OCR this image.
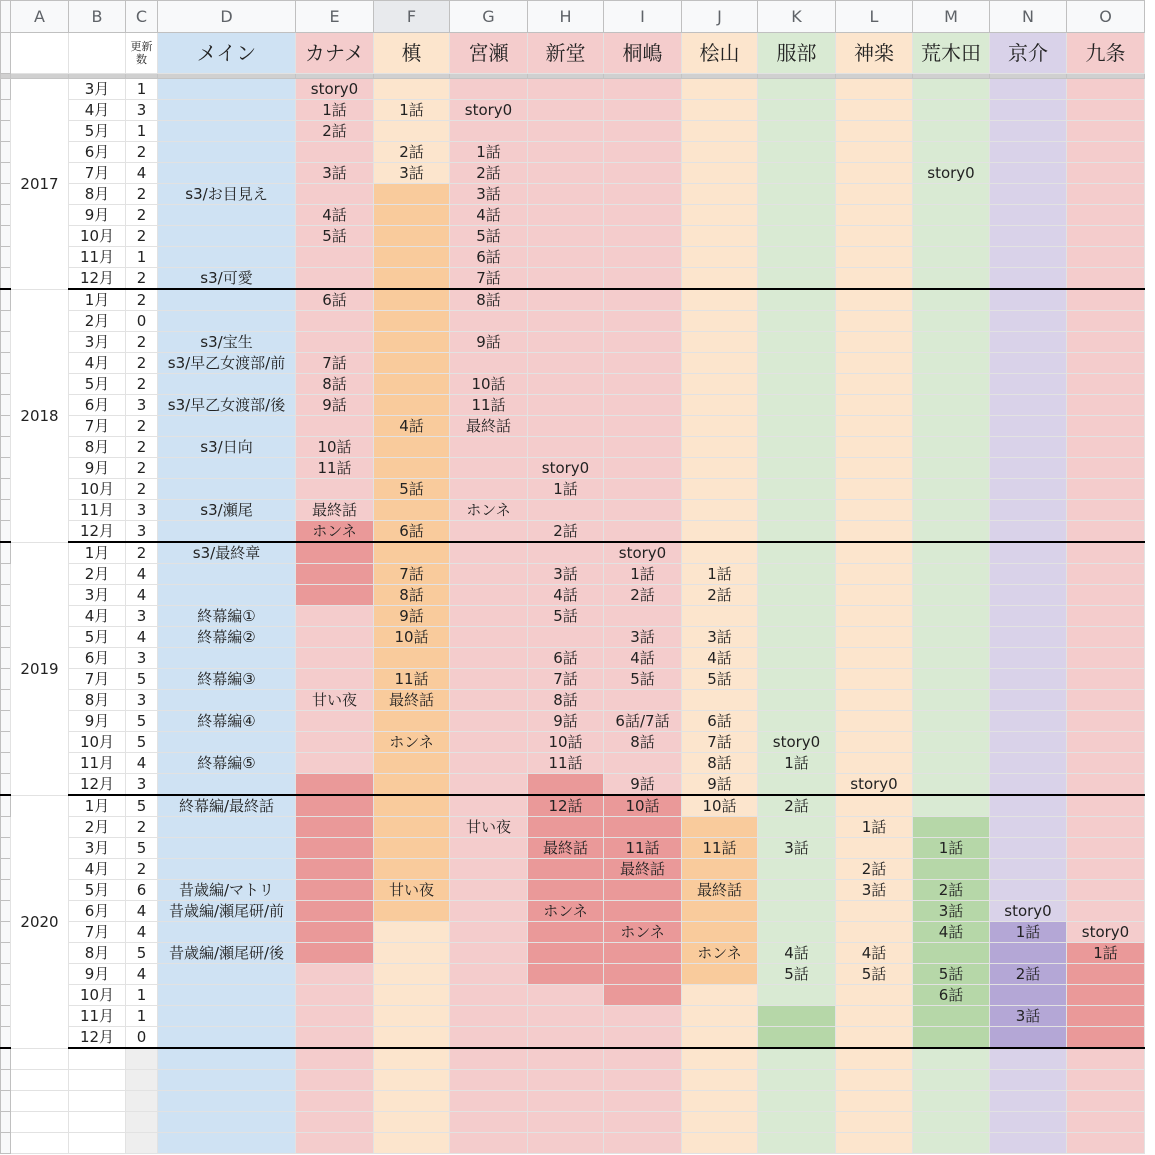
	A	B	C	D	E	F	G	H	I	J	K	L	M	N	O
			更新
数	メイン	カナメ	槙	宮瀬	新堂	桐嶋	桧山	服部	神楽	荒木田	京介	九条

	2017	3月	1		story0										
		4月	3		1話	1話	story0								
		5月	1		2話										
		6月	2			2話	1話								
		7月	4		3話	3話	2話						story0		
		8月	2	s3/お目見え			3話								
		9月	2		4話		4話								
		10月	2		5話		5話								
		11月	1				6話								
		12月	2	s3/可愛			7話								
	2018	1月	2		6話		8話								
		2月	0												
		3月	2	s3/宝生			9話								
		4月	2	s3/早乙女渡部/前	7話										
		5月	2		8話		10話								
		6月	3	s3/早乙女渡部/後	9話		11話								
		7月	2			4話	最終話								
		8月	2	s3/日向	10話										
		9月	2		11話			story0							
		10月	2			5話		1話							
		11月	3	s3/瀬尾	最終話		ホンネ								
		12月	3		ホンネ	6話		2話							
	2019	1月	2	s3/最終章					story0						
		2月	4			7話		3話	1話	1話					
		3月	4			8話		4話	2話	2話					
		4月	3	終幕編①		9話		5話							
		5月	4	終幕編②		10話			3話	3話					
		6月	3					6話	4話	4話					
		7月	5	終幕編③		11話		7話	5話	5話					
		8月	3		甘い夜	最終話		8話							
		9月	5	終幕編④				9話	6話/7話	6話					
		10月	5			ホンネ		10話	8話	7話	story0				
		11月	4	終幕編⑤				11話		8話	1話				
		12月	3						9話	9話		story0			
	2020	1月	5	終幕編/最終話				12話	10話	10話	2話				
		2月	2				甘い夜					1話			
		3月	5					最終話	11話	11話	3話		1話		
		4月	2						最終話			2話			
		5月	6	昔歳編/マトリ		甘い夜				最終話		3話	2話		
		6月	4	昔歳編/瀬尾研/前				ホンネ					3話	story0	
		7月	4						ホンネ				4話	1話	story0
		8月	5	昔歳編/瀬尾研/後						ホンネ	4話	4話			1話
		9月	4								5話	5話	5話	2話	
		10月	1										6話		
		11月	1											3話	
		12月	0												
